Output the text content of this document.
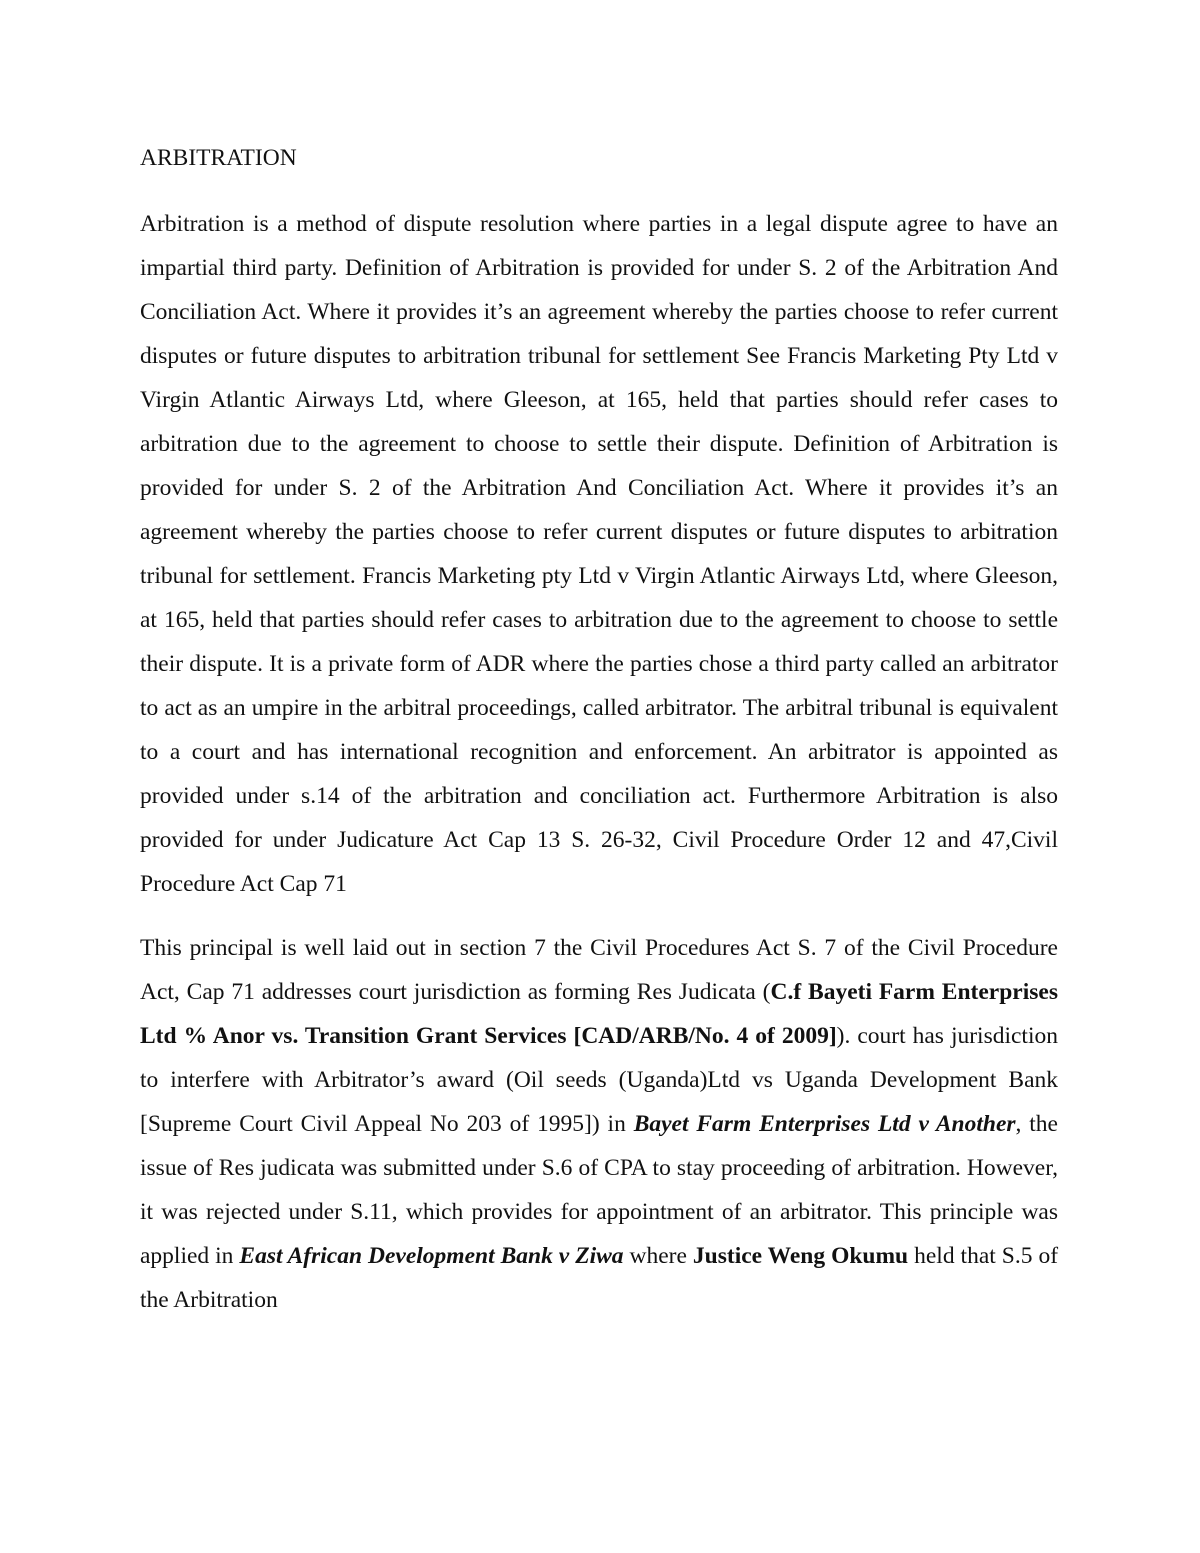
ARBITRATION

Arbitration is a method of dispute resolution where parties in a legal dispute agree to have an impartial third party. Definition of Arbitration is provided for under S. 2 of the Arbitration And Conciliation Act. Where it provides it’s an agreement whereby the parties choose to refer current disputes or future disputes to arbitration tribunal for settlement See Francis Marketing Pty Ltd v Virgin Atlantic Airways Ltd, where Gleeson, at 165, held that parties should refer cases to arbitration due to the agreement to choose to settle their dispute. Definition of Arbitration is provided for under S. 2 of the Arbitration And Conciliation Act. Where it provides it’s an agreement whereby the parties choose to refer current disputes or future disputes to arbitration tribunal for settlement. Francis Marketing pty Ltd v Virgin Atlantic Airways Ltd, where Gleeson, at 165, held that parties should refer cases to arbitration due to the agreement to choose to settle their dispute. It is a private form of ADR where the parties chose a third party called an arbitrator to act as an umpire in the arbitral proceedings, called arbitrator. The arbitral tribunal is equivalent to a court and has international recognition and enforcement. An arbitrator is appointed as provided under s.14 of the arbitration and conciliation act. Furthermore Arbitration is also provided for under Judicature Act Cap 13 S. 26-32, Civil Procedure Order 12 and 47,Civil Procedure Act Cap 71

This principal is well laid out in section 7 the Civil Procedures Act S. 7 of the Civil Procedure Act, Cap 71 addresses court jurisdiction as forming Res Judicata (C.f Bayeti Farm Enterprises Ltd % Anor vs. Transition Grant Services [CAD/ARB/No. 4 of 2009]). court has jurisdiction to interfere with Arbitrator’s award (Oil seeds (Uganda)Ltd vs Uganda Development Bank [Supreme Court Civil Appeal No 203 of 1995]) in Bayet Farm Enterprises Ltd v Another, the issue of Res judicata was submitted under S.6 of CPA to stay proceeding of arbitration. However, it was rejected under S.11, which provides for appointment of an arbitrator. This principle was applied in East African Development Bank v Ziwa where Justice Weng Okumu held that S.5 of the Arbitration
